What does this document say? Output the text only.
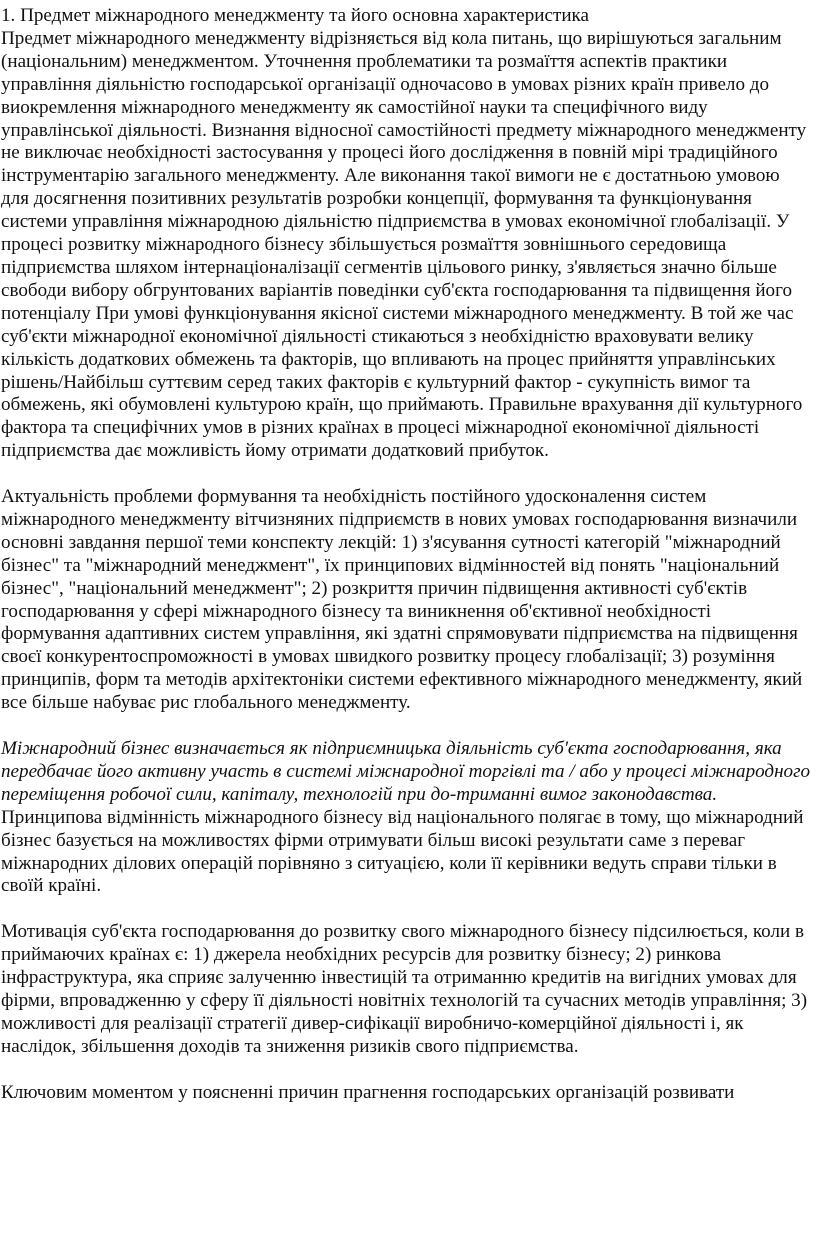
1. Предмет міжнародного менеджменту та його основна характеристика

Предмет міжнародного менеджменту відрізняється від кола питань, що вирішуються загальним (національним) менеджментом. Уточнення проблематики та розмаїття аспектів практики управління діяльністю господарської організації одночасово в умовах різних країн привело до виокремлення міжнародного менеджменту як самостійної науки та специфічного виду управлінської діяльності. Визнання відносної самостійності предмету міжнародного менеджменту не виключає необхідності застосування у процесі його дослідження в повній мірі традиційного інструментарію загального менеджменту. Але виконання такої вимоги не є достатньою умовою для досягнення позитивних результатів розробки концепції, формування та функціонування системи управління міжнародною діяльністю підприємства в умовах економічної глобалізації. У процесі розвитку міжнародного бізнесу збільшується розмаїття зовнішнього середовища підприємства шляхом інтернаціоналізації сегментів цільового ринку, з'являється значно більше свободи вибору обгрунтованих варіантів поведінки суб'єкта господарювання та підвищення його потенціалу При умові функціонування якісної системи міжнародного менеджменту. В той же час суб'єкти міжнародної економічної діяльності стикаються з необхідністю враховувати велику кількість додаткових обмежень та факторів, що впливають на процес прийняття управлінських рішень/Найбільш суттєвим серед таких факторів є культурний фактор - сукупність вимог та обмежень, які обумовлені культурою країн, що приймають. Правильне врахування дії культурного фактора та специфічних умов в різних країнах в процесі міжнародної економічної діяльності підприємства дає можливість йому отримати додатковий прибуток.

Актуальність проблеми формування та необхідність постійного удосконалення систем міжнародного менеджменту вітчизняних підприємств в нових умовах господарювання визначили основні завдання першої теми конспекту лекцій: 1) з'ясування сутності категорій "міжнародний бізнес" та "міжнародний менеджмент", їх принципових відмінностей від понять "національний бізнес", "національний менеджмент"; 2) розкриття причин підвищення активності суб'єктів господарювання у сфері міжнародного бізнесу та виникнення об'єктивної необхідності формування адаптивних систем управління, які здатні спрямовувати підприємства на підвищення своєї конкурентоспроможності в умовах швидкого розвитку процесу глобалізації; 3) розуміння принципів, форм та методів архітектоніки системи ефективного міжнародного менеджменту, який все більше набуває рис глобального менеджменту.

Міжнародний бізнес визначається як підприємницька діяльність суб'єкта господарювання, яка передбачає його активну участь в системі міжнародної торгівлі та / або у процесі міжнародного переміщення робочої сили, капіталу, технологій при до-триманні вимог законодавства. Принципова відмінність міжнародного бізнесу від національного полягає в тому, що міжнародний бізнес базується на можливостях фірми отримувати більш високі результати саме з переваг міжнародних ділових операцій порівняно з ситуацією, коли її керівники ведуть справи тільки в своїй країні.

Мотивація суб'єкта господарювання до розвитку свого міжнародного бізнесу підсилюється, коли в приймаючих країнах є: 1) джерела необхідних ресурсів для розвитку бізнесу; 2) ринкова інфраструктура, яка сприяє залученню інвестицій та отриманню кредитів на вигідних умовах для фірми, впровадженню у сферу її діяльності новітніх технологій та сучасних методів управління; 3) можливості для реалізації стратегії дивер-сифікації виробничо-комерційної діяльності і, як наслідок, збільшення доходів та зниження ризиків свого підприємства.

Ключовим моментом у поясненні причин прагнення господарських організацій розвивати
